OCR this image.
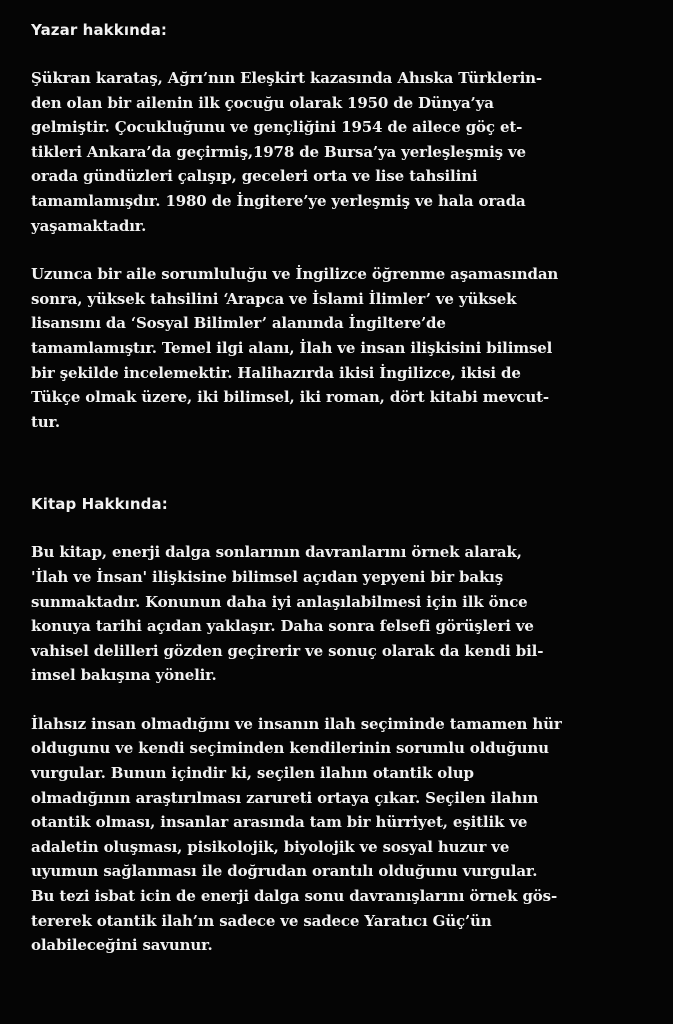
Yazar hakkında:

Şükran karataş, Ağrı’nın Eleşkirt kazasında Ahıska Türklerin-
den olan bir ailenin ilk çocuğu olarak 1950 de Dünya’ya
gelmiştir. Çocukluğunu ve gençliğini 1954 de ailece göç et-
tikleri Ankara’da geçirmiş,1978 de Bursa’ya yerleşleşmiş ve
orada gündüzleri çalışıp, geceleri orta ve lise tahsilini
tamamlamışdır. 1980 de İngitere’ye yerleşmiş ve hala orada
yaşamaktadır.

Uzunca bir aile sorumluluğu ve İngilizce öğrenme aşamasından
sonra, yüksek tahsilini ‘Arapca ve İslami İlimler’ ve yüksek
lisansını da ‘Sosyal Bilimler’ alanında İngiltere’de
tamamlamıştır. Temel ilgi alanı, İlah ve insan ilişkisini bilimsel
bir şekilde incelemektir. Halihazırda ikisi İngilizce, ikisi de
Tükçe olmak üzere, iki bilimsel, iki roman, dört kitabi mevcut-
tur.

Kitap Hakkında:

Bu kitap, enerji dalga sonlarının davranlarını örnek alarak,
'İlah ve İnsan' ilişkisine bilimsel açıdan yepyeni bir bakış
sunmaktadır. Konunun daha iyi anlaşılabilmesi için ilk önce
konuya tarihi açıdan yaklaşır. Daha sonra felsefi görüşleri ve
vahisel delilleri gözden geçirerir ve sonuç olarak da kendi bil-
imsel bakışına yönelir.

İlahsız insan olmadığını ve insanın ilah seçiminde tamamen hür
oldugunu ve kendi seçiminden kendilerinin sorumlu olduğunu
vurgular. Bunun içindir ki, seçilen ilahın otantik olup
olmadığının araştırılması zarureti ortaya çıkar. Seçilen ilahın
otantik olması, insanlar arasında tam bir hürriyet, eşitlik ve
adaletin oluşması, pisikolojik, biyolojik ve sosyal huzur ve
uyumun sağlanması ile doğrudan orantılı olduğunu vurgular.
Bu tezi isbat icin de enerji dalga sonu davranışlarını örnek gös-
tererek otantik ilah’ın sadece ve sadece Yaratıcı Güç’ün
olabileceğini savunur.
